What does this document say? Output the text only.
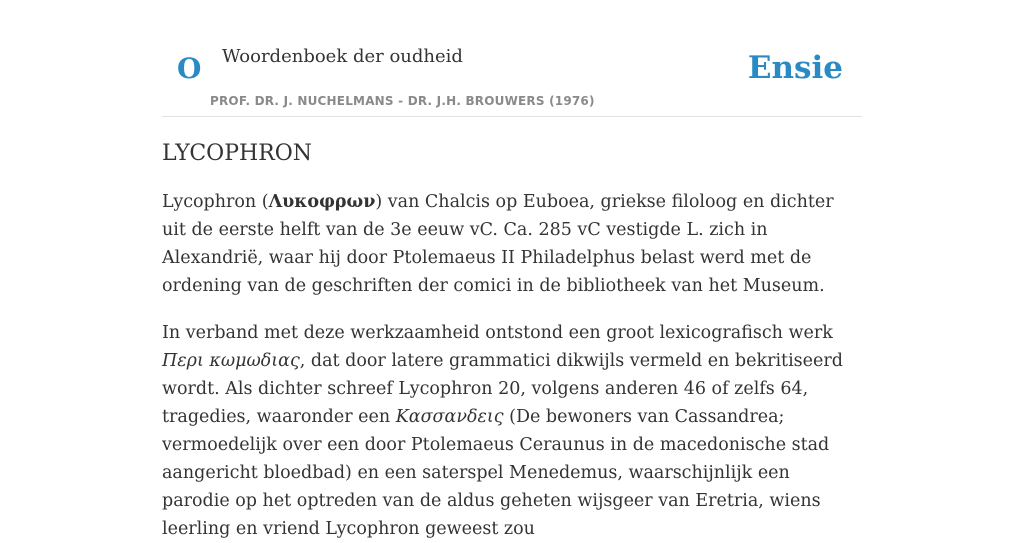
O Woordenboek der oudheid
PROF. DR. J. NUCHELMANS - DR. J.H. BROUWERS (1976)
Ensie
LYCOPHRON

Lycophron (Λυκοφρων) van Chalcis op Euboea, griekse filoloog en dichter uit de eerste helft van de 3e eeuw vC. Ca. 285 vC vestigde L. zich in Alexandrië, waar hij door Ptolemaeus II Philadelphus belast werd met de ordening van de geschriften der comici in de bibliotheek van het Museum.

In verband met deze werkzaamheid ontstond een groot lexicografisch werk Περι κωμωδιας, dat door latere grammatici dikwijls vermeld en bekritiseerd wordt. Als dichter schreef Lycophron 20, volgens anderen 46 of zelfs 64, tragedies, waaronder een Κασσανδεις (De bewoners van Cassandrea; vermoedelijk over een door Ptolemaeus Ceraunus in de macedonische stad aangericht bloedbad) en een saterspel Menedemus, waarschijnlijk een parodie op het optreden van de aldus geheten wijsgeer van Eretria, wiens leerling en vriend Lycophron geweest zou
